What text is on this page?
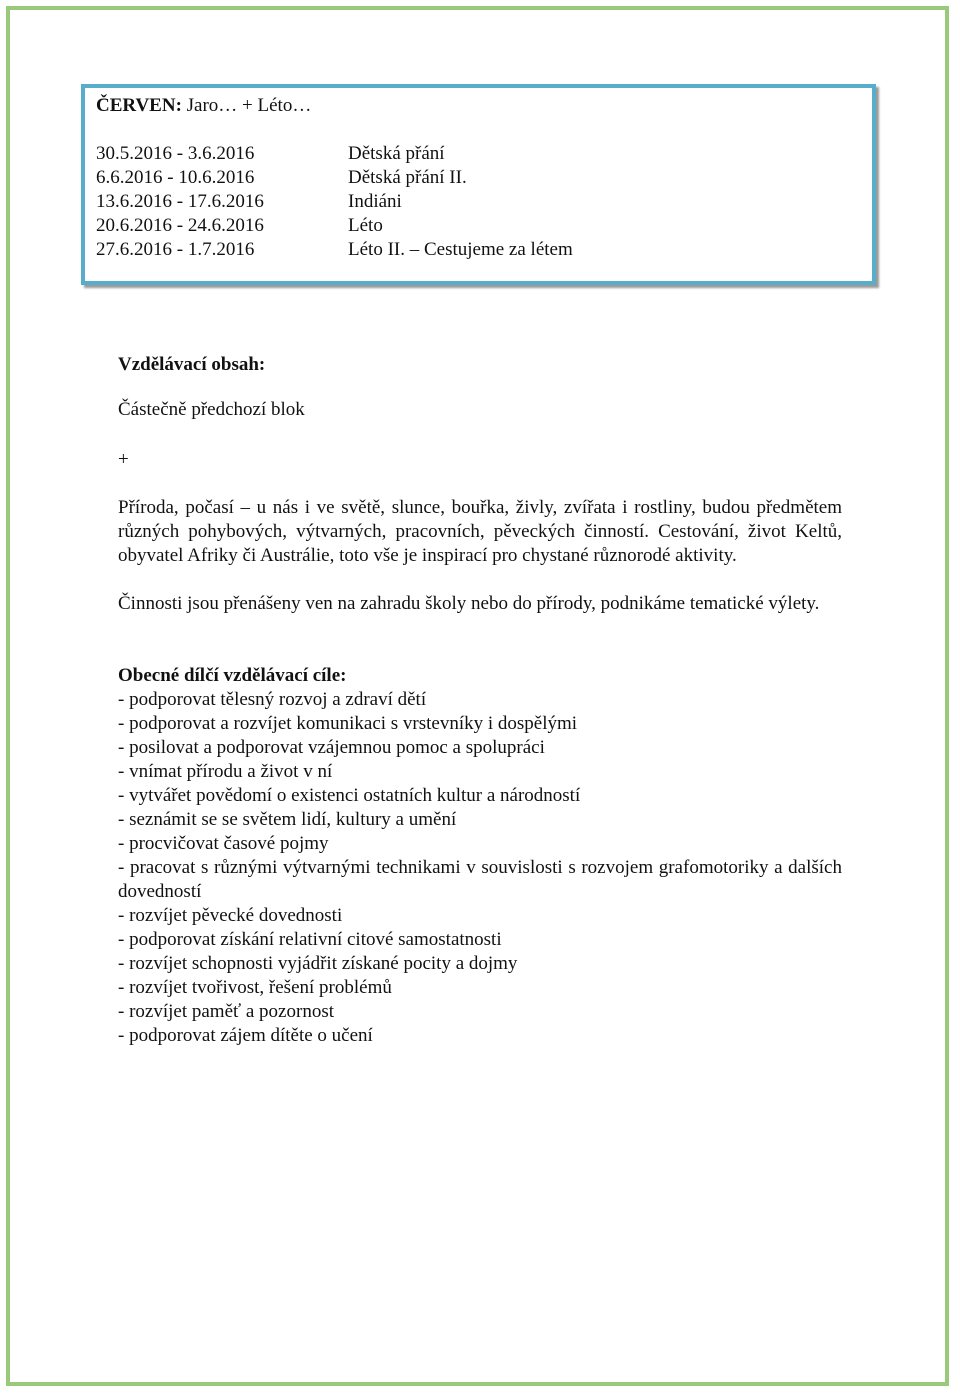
ČERVEN: Jaro… + Léto…
30.5.2016 - 3.6.2016	Dětská přání
6.6.2016 - 10.6.2016	Dětská přání II.
13.6.2016 - 17.6.2016	Indiáni
20.6.2016 - 24.6.2016	Léto
27.6.2016 - 1.7.2016	Léto II. – Cestujeme za létem
Vzdělávací obsah:
Částečně předchozí blok
+
Příroda, počasí – u nás i ve světě, slunce, bouřka, živly, zvířata i rostliny, budou předmětem různých pohybových, výtvarných, pracovních, pěveckých činností. Cestování, život Keltů, obyvatel Afriky či Austrálie, toto vše je inspirací pro chystané různorodé aktivity.
Činnosti jsou přenášeny ven na zahradu školy nebo do přírody, podnikáme tematické výlety.
Obecné dílčí vzdělávací cíle:
- podporovat tělesný rozvoj a zdraví dětí
- podporovat a rozvíjet komunikaci s vrstevníky i dospělými
- posilovat a podporovat vzájemnou pomoc a spolupráci
- vnímat přírodu a život v ní
- vytvářet povědomí o existenci ostatních kultur a národností
- seznámit se se světem lidí, kultury a umění
- procvičovat časové pojmy
- pracovat s různými výtvarnými technikami v souvislosti s rozvojem grafomotoriky a dalších dovedností
- rozvíjet pěvecké dovednosti
- podporovat získání relativní citové samostatnosti
- rozvíjet schopnosti vyjádřit získané pocity a dojmy
- rozvíjet tvořivost, řešení problémů
- rozvíjet paměť a pozornost
- podporovat zájem dítěte o učení
